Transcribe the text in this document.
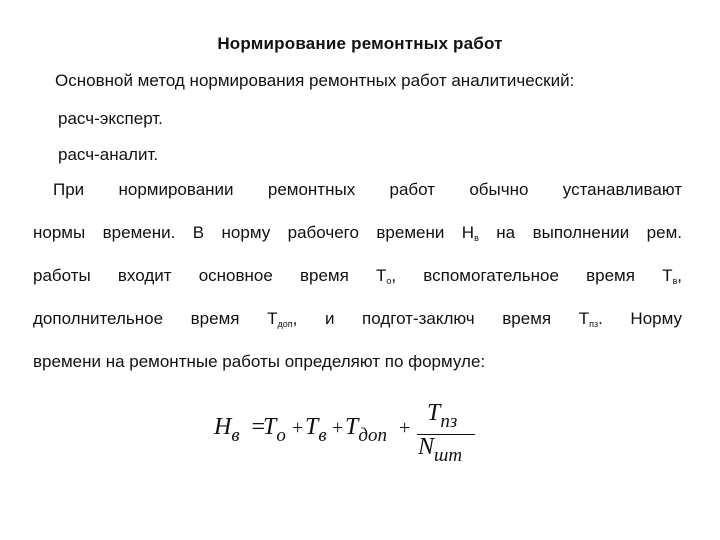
Нормирование ремонтных работ
Основной метод нормирования ремонтных работ аналитический:
расч-эксперт.
расч-аналит.
При нормировании ремонтных работ обычно устанавливают
нормы времени. В норму рабочего времени Нв на выполнении рем.
работы входит основное время То, вспомогательное время Тв,
дополнительное время Тдоп, и подгот-заключ время Тпз. Норму
времени на ремонтные работы определяют по формуле:
$H_в$ =
$T_о + T_в + T_{доп}$ +
$T_{пз}$
$N_{шт}$
